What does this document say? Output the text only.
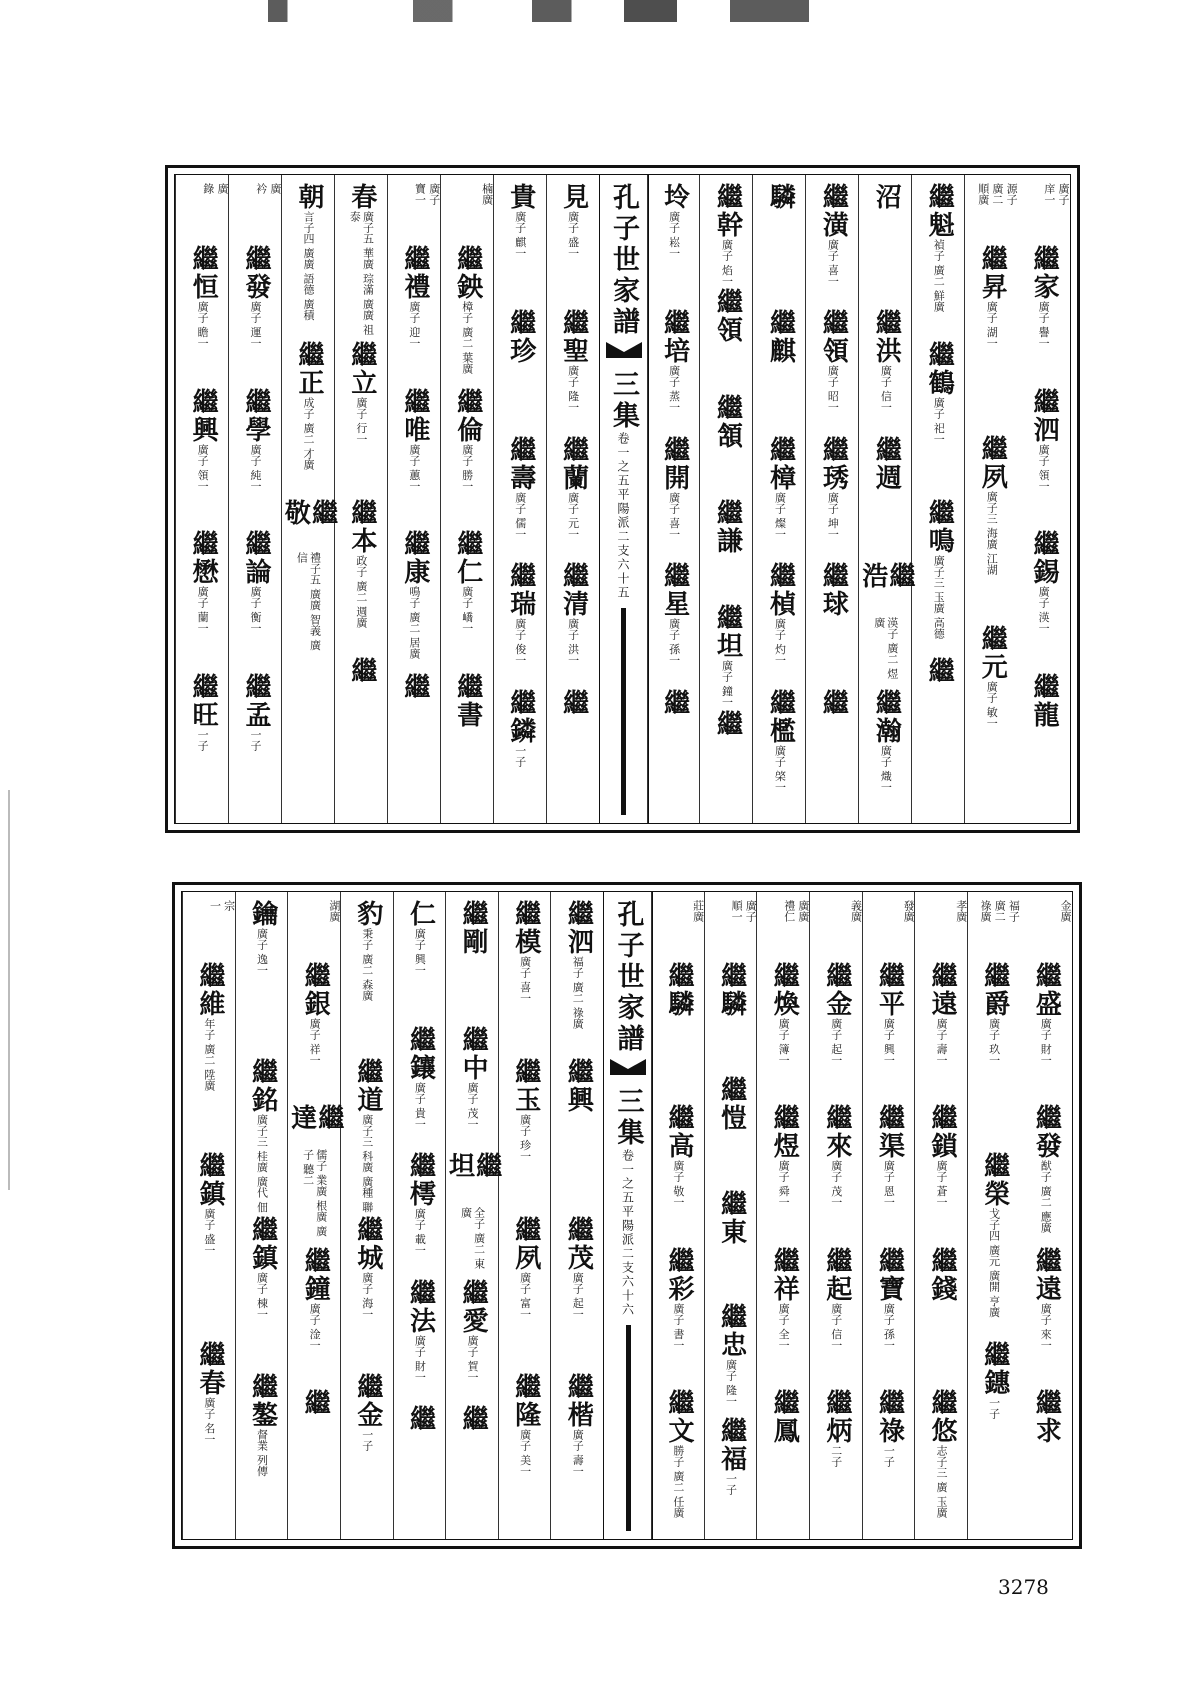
廣子
庠一
繼家
廣子 譽一
繼泗
廣子 領一
繼錫
廣子 渶一
繼龍
源子
廣二
順廣
繼昇
廣子 湖一
繼夙
廣子三 海廣 江湖
繼元
廣子 敏一
繼魁
禎子 廣二 鮮廣
繼鶴
廣子 祀一
繼鳴
廣子三 玉廣 高德
繼
沼
繼洪
廣子 信一
繼週
繼浩
渶子 廣二 煜廣
繼瀚
廣子 熾一
繼潢
廣子 喜一
繼領
廣子 昭一
繼琇
廣子 坤一
繼球
繼
驎
繼麒
繼樟
廣子 燦一
繼楨
廣子 灼一
繼檻
廣子 棨一
繼幹
廣子 焰一
繼領
繼頷
繼謙
繼坦
廣子 鐘一
繼
坽
廣子 崧一
繼培
廣子 蒸一
繼開
廣子 喜一
繼星
廣子 孫一
繼
見
廣子 盛一
繼聖
廣子 隆一
繼蘭
廣子 元一
繼清
廣子 洪一
繼
貴
廣子 麒一
繼珍
繼壽
廣子 儒一
繼瑞
廣子 俊一
繼鏻
一子
楠廣
繼鉠
樟子 廣二 葉廣
繼倫
廣子 勝一
繼仁
廣子 嶠一
繼書
廣子
寶一
繼禮
廣子 迎一
繼唯
廣子 蕙一
繼康
鳴子 廣二 居廣
繼
春
廣子五 華廣 琮滿 廣廣 祖泰
繼立
廣子 行一
繼本
政子 廣二 週廣
繼
朝
言子四 廣廣 語德 廣積
繼正
成子 廣二 才廣
繼敬
禮子五 廣廣 智義 廣信
廣
衿
繼發
廣子 運一
繼學
廣子 純一
繼論
廣子 衡一
繼孟
一子
廣
錄
繼恒
廣子 瞻一
繼興
廣子 領一
繼懋
廣子 蘭一
繼旺
一子
孔子世家譜
三集
卷一之五
平陽派
二支
六十五
金廣
繼盛
廣子 財一
繼發
猷子 廣二 應廣
繼遠
廣子 來一
繼求
福子
廣二
祿廣
繼爵
廣子 玖一
繼榮
戈子四 廣元 廣開 亨廣
繼鏸
一子
孝廣
繼遠
廣子 壽一
繼鎖
廣子 蒼一
繼錢
繼悠
志子三 廣 玉廣
發廣
繼平
廣子 興一
繼渠
廣子 恩一
繼寶
廣子 孫一
繼祿
一子
義廣
繼金
廣子 起一
繼來
廣子 茂一
繼起
廣子 信一
繼炳
二子
廣廣
禮仁
繼煥
廣子 簿一
繼煜
廣子 舜一
繼祥
廣子 全一
繼鳳
廣子
順一
繼驎
繼愷
繼東
繼忠
廣子 隆一
繼福
一子
莊廣
繼驎
繼高
廣子 敬一
繼彩
廣子 書一
繼文
勝子 廣二 任廣
繼泗
福子 廣二 祿廣
繼興
繼茂
廣子 起一
繼楷
廣子 壽一
繼模
廣子 喜一
繼玉
廣子 珍一
繼夙
廣子 富一
繼隆
廣子 美一
繼剛
繼中
廣子 茂一
繼坦
全子 廣二 東廣
繼愛
廣子 賀一
繼
仁
廣子 興一
繼鑲
廣子 貴一
繼樗
廣子 載一
繼法
廣子 財一
繼
豹
秉子 廣二 森廣
繼道
廣子三 科廣 廣種 聯
繼城
廣子 海一
繼金
一子
湖廣
繼銀
廣子 祥一
繼達
儒子 業廣 根廣 廣子 聽二
繼鐘
廣子 淦一
繼
鑰
廣子 逸一
繼銘
廣子三 桂廣 廣代 佃
繼鎮
廣子 棟一
繼鏊
督業 列傳
宗
一
繼維
年子 廣二 陞廣
繼鎮
廣子 盛一
繼春
廣子 名一
孔子世家譜
三集
卷一之五
平陽派
二支
六十六
3278
